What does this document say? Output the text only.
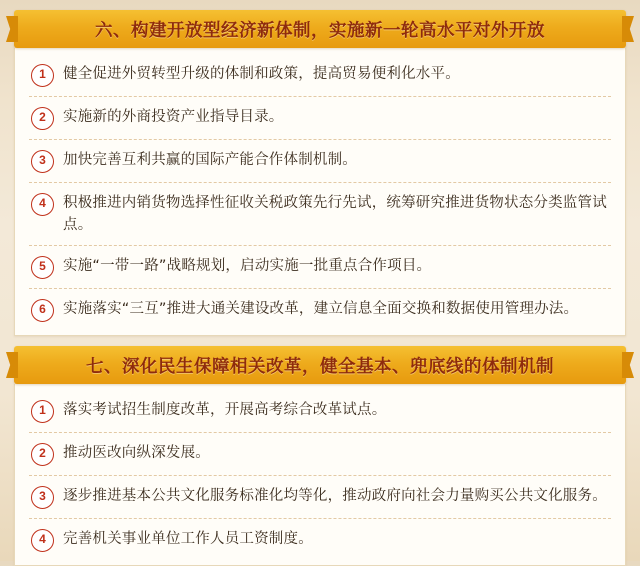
六、构建开放型经济新体制，实施新一轮高水平对外开放
1	健全促进外贸转型升级的体制和政策，提高贸易便利化水平。
2	实施新的外商投资产业指导目录。
3	加快完善互利共赢的国际产能合作体制机制。
4	积极推进内销货物选择性征收关税政策先行先试，统筹研究推进货物状态分类监管试点。
5	实施“一带一路”战略规划，启动实施一批重点合作项目。
6	实施落实“三互”推进大通关建设改革，建立信息全面交换和数据使用管理办法。
七、深化民生保障相关改革，健全基本、兜底线的体制机制
1	落实考试招生制度改革，开展高考综合改革试点。
2	推动医改向纵深发展。
3	逐步推进基本公共文化服务标准化均等化，推动政府向社会力量购买公共文化服务。
4	完善机关事业单位工作人员工资制度。
